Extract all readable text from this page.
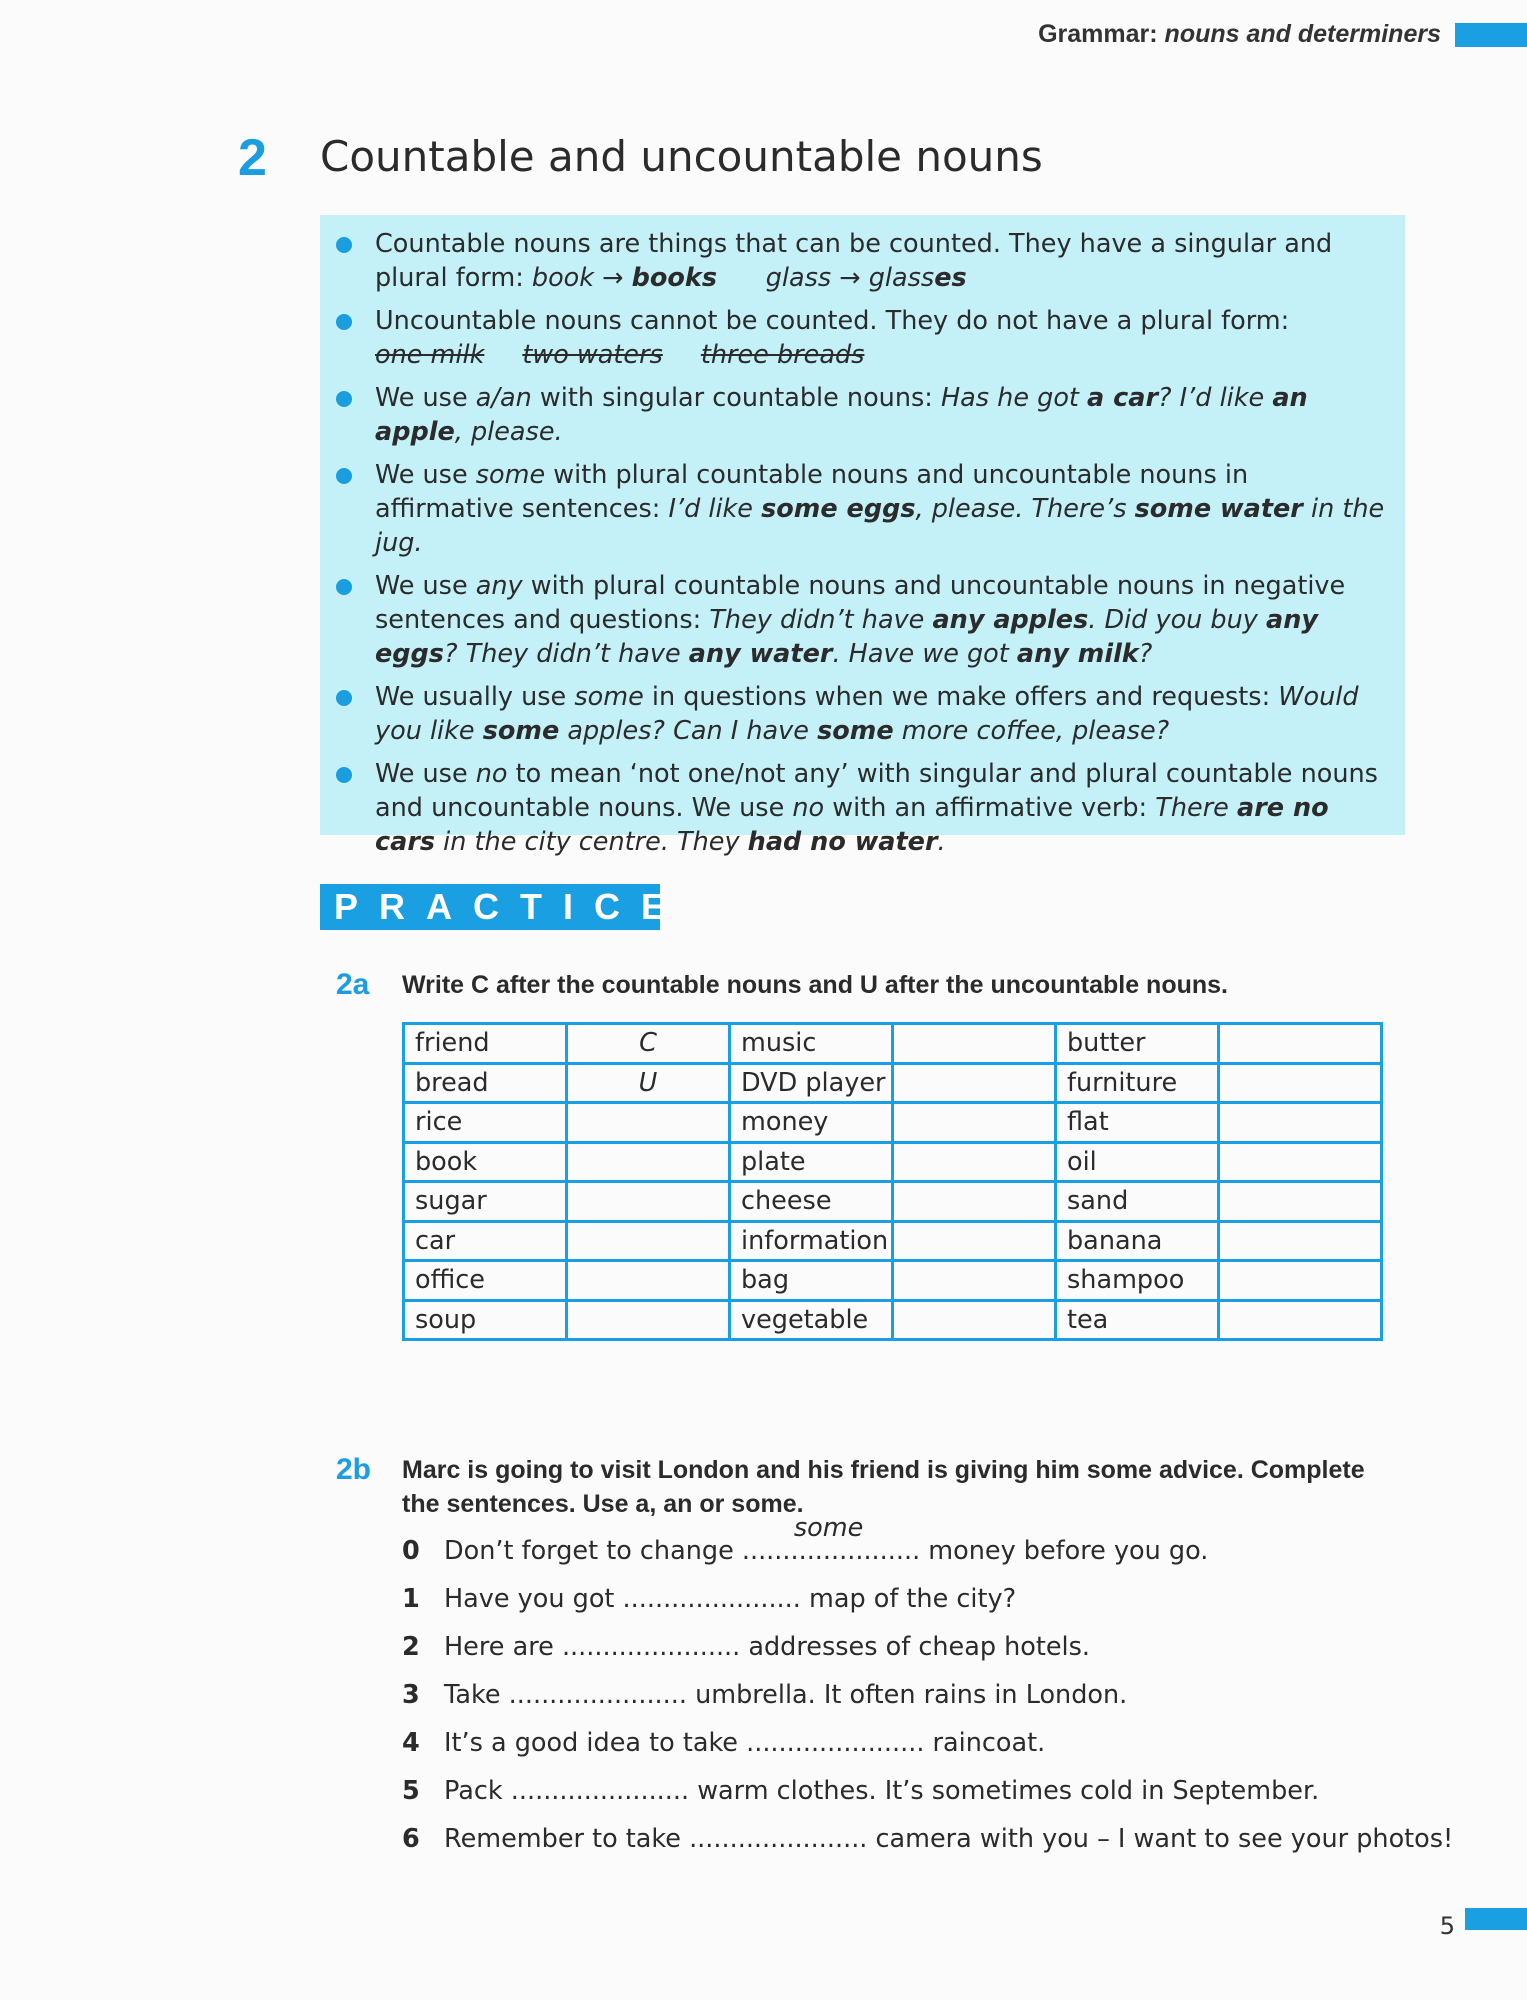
Grammar: nouns and determiners
2 Countable and uncountable nouns
Countable nouns are things that can be counted. They have a singular and plural form: book → books glass → glasses
Uncountable nouns cannot be counted. They do not have a plural form:
one milk two waters three breads
We use a/an with singular countable nouns: Has he got a car? I’d like an apple, please.
We use some with plural countable nouns and uncountable nouns in affirmative sentences: I’d like some eggs, please. There’s some water in the jug.
We use any with plural countable nouns and uncountable nouns in negative sentences and questions: They didn’t have any apples. Did you buy any eggs? They didn’t have any water. Have we got any milk?
We usually use some in questions when we make offers and requests: Would you like some apples? Can I have some more coffee, please?
We use no to mean ‘not one/not any’ with singular and plural countable nouns and uncountable nouns. We use no with an affirmative verb: There are no cars in the city centre. They had no water.
PRACTICE
2a Write C after the countable nouns and U after the uncountable nouns.
friend	C	music		butter	
bread	U	DVD player		furniture	
rice		money		flat	
book		plate		oil	
sugar		cheese		sand	
car		information		banana	
office		bag		shampoo	
soup		vegetable		tea	
2b Marc is going to visit London and his friend is giving him some advice. Complete
the sentences. Use a, an or some.
0 Don’t forget to change
some
...................... money before you go.
1 Have you got
...................... map of the city?
2 Here are
...................... addresses of cheap hotels.
3 Take
...................... umbrella. It often rains in London.
4 It’s a good idea to take
...................... raincoat.
5 Pack
...................... warm clothes. It’s sometimes cold in September.
6 Remember to take
...................... camera with you – I want to see your photos!
5
